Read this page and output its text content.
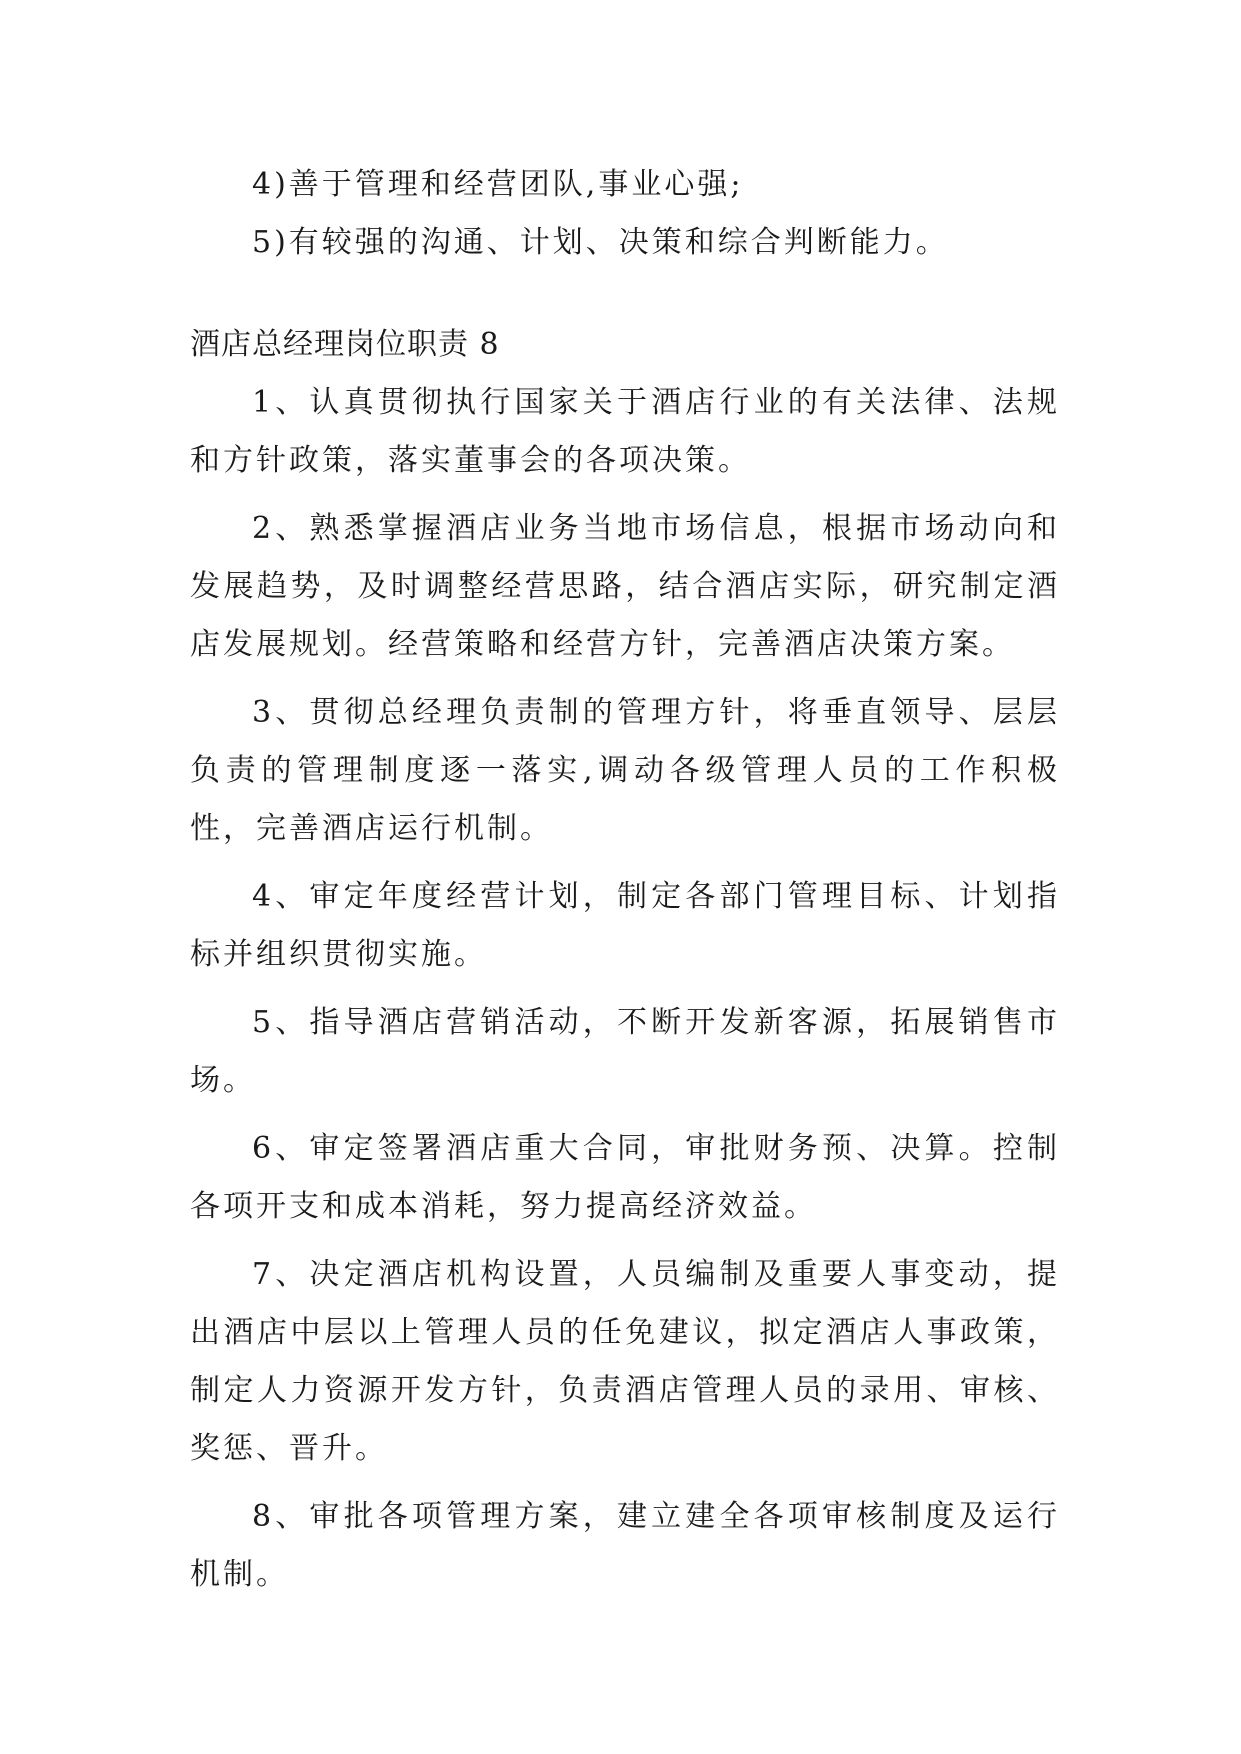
4)善于管理和经营团队,事业心强;

5)有较强的沟通、计划、决策和综合判断能力。

酒店总经理岗位职责 8

1、认真贯彻执行国家关于酒店行业的有关法律、法规和方针政策，落实董事会的各项决策。

2、熟悉掌握酒店业务当地市场信息，根据市场动向和发展趋势，及时调整经营思路，结合酒店实际，研究制定酒店发展规划。经营策略和经营方针，完善酒店决策方案。

3、贯彻总经理负责制的管理方针，将垂直领导、层层负责的管理制度逐一落实,调动各级管理人员的工作积极性，完善酒店运行机制。

4、审定年度经营计划，制定各部门管理目标、计划指标并组织贯彻实施。

5、指导酒店营销活动，不断开发新客源，拓展销售市场。

6、审定签署酒店重大合同，审批财务预、决算。控制各项开支和成本消耗，努力提高经济效益。

7、决定酒店机构设置，人员编制及重要人事变动，提出酒店中层以上管理人员的任免建议，拟定酒店人事政策，制定人力资源开发方针，负责酒店管理人员的录用、审核、奖惩、晋升。

8、审批各项管理方案，建立建全各项审核制度及运行机制。
